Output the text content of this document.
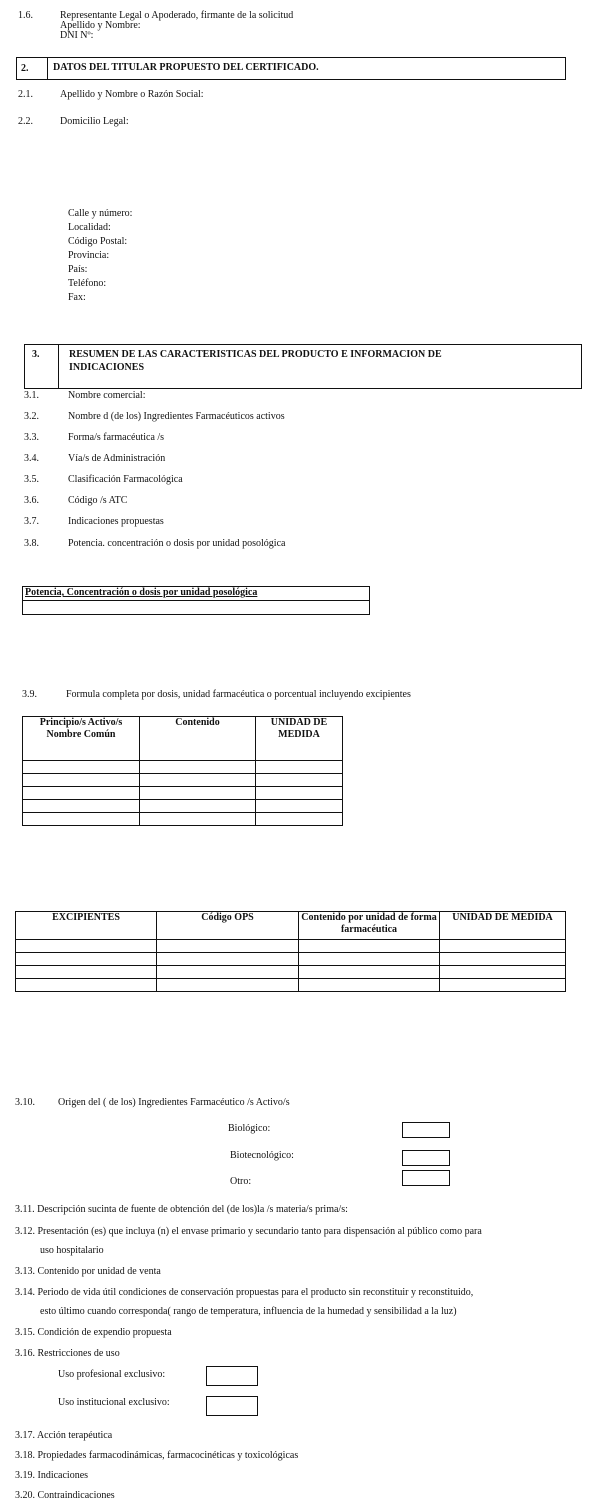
1.6.	Representante Legal o Apoderado, firmante de la solicitud
Apellido y Nombre:
DNI Nº:
2. DATOS DEL TITULAR PROPUESTO DEL CERTIFICADO.
2.1.	Apellido y Nombre o Razón Social:
2.2.	Domicilio Legal:
Calle y número:
Localidad:
Código Postal:
Provincia:
País:
Teléfono:
Fax:
3.	RESUMEN DE LAS CARACTERISTICAS DEL PRODUCTO E INFORMACION DE
INDICACIONES
3.1.	Nombre comercial:
3.2.	Nombre d (de los) Ingredientes Farmacéuticos activos
3.3.	Forma/s farmacéutica /s
3.4.	Vía/s de Administración
3.5.	Clasificación Farmacológica
3.6.	Código /s ATC
3.7.	Indicaciones propuestas
3.8.	Potencia. concentración o dosis por unidad posológica
Potencia, Concentración o dosis por unidad posológica

3.9.	Formula completa por dosis, unidad farmacéutica o porcentual incluyendo excipientes
Principio/s Activo/s Nombre Común	Contenido	UNIDAD DE MEDIDA

EXCIPIENTES	Código OPS	Contenido por unidad de forma farmacéutica	UNIDAD DE MEDIDA

3.10. Origen del ( de los) Ingredientes Farmacéutico /s Activo/s
Biológico:
Biotecnológico:
Otro:
3.11. Descripción sucinta de fuente de obtención del (de los)la /s materia/s prima/s:
3.12. Presentación (es) que incluya (n) el envase primario y secundario tanto para dispensación al público como para
uso hospitalario
3.13. Contenido por unidad de venta
3.14. Periodo de vida útil condiciones de conservación propuestas para el producto sin reconstituir y reconstituido,
esto último cuando corresponda( rango de temperatura, influencia de la humedad y sensibilidad a la luz)
3.15. Condición de expendio propuesta
3.16. Restricciones de uso
Uso profesional exclusivo:
Uso institucional exclusivo:
3.17. Acción terapéutica
3.18. Propiedades farmacodinámicas, farmacocinéticas y toxicológicas
3.19. Indicaciones
3.20. Contraindicaciones
